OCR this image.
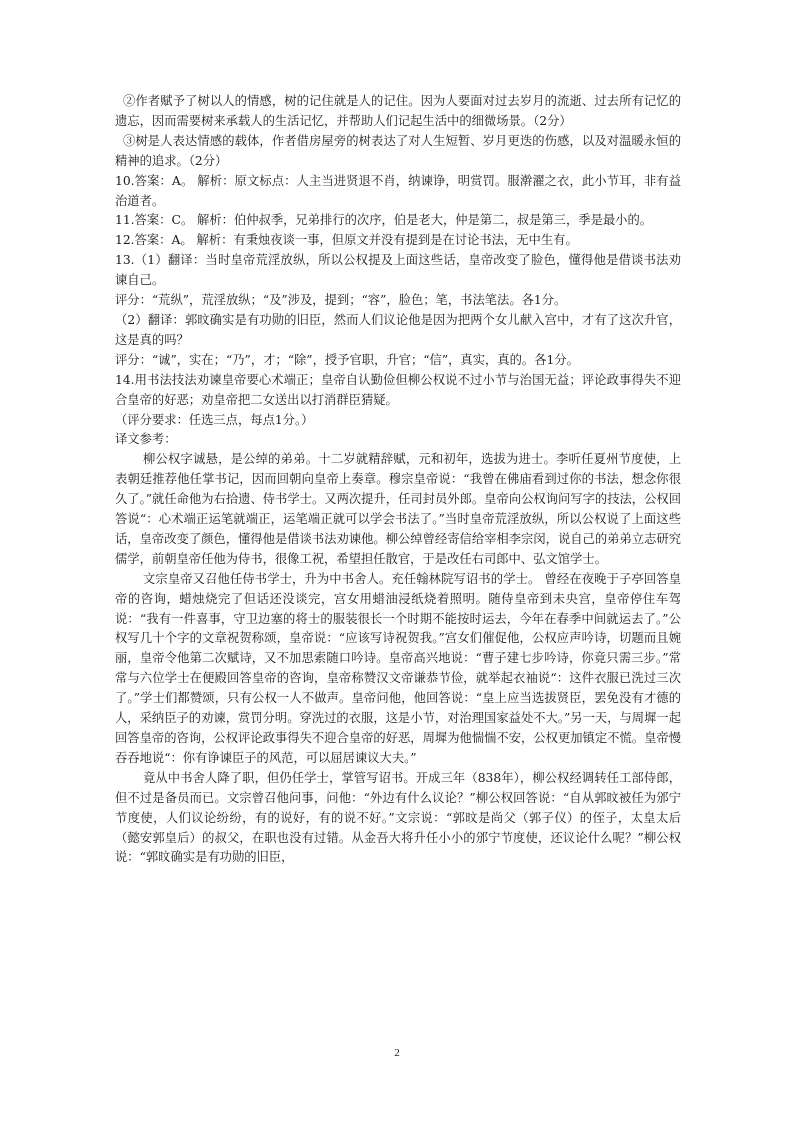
②作者赋予了树以人的情感，树的记住就是人的记住。因为人要面对过去岁月的流逝、过去所有记忆的遗忘，因而需要树来承载人的生活记忆，并帮助人们记起生活中的细微场景。（2分）

③树是人表达情感的载体，作者借房屋旁的树表达了对人生短暂、岁月更迭的伤感，以及对温暖永恒的精神的追求。（2分）

10.答案：A。 解析：原文标点：人主当进贤退不肖，纳谏诤，明赏罚。服澣濯之衣，此小节耳，非有益治道者。

11.答案：C。 解析：伯仲叔季，兄弟排行的次序，伯是老大，仲是第二，叔是第三，季是最小的。

12.答案：A。 解析：有秉烛夜谈一事，但原文并没有提到是在讨论书法，无中生有。

13.（1）翻译：当时皇帝荒淫放纵，所以公权提及上面这些话，皇帝改变了脸色，懂得他是借谈书法劝谏自己。

评分：“荒纵”，荒淫放纵；“及”涉及，提到；“容”，脸色；笔，书法笔法。各1分。

（2）翻译：郭旼确实是有功勋的旧臣，然而人们议论他是因为把两个女儿献入宫中，才有了这次升官，这是真的吗？

评分：“诚”，实在；“乃”，才；“除”，授予官职，升官；“信”，真实，真的。各1分。

14.用书法技法劝谏皇帝要心术端正；皇帝自认勤俭但柳公权说不过小节与治国无益；评论政事得失不迎合皇帝的好恶；劝皇帝把二女送出以打消群臣猜疑。

（评分要求：任选三点，每点1分。）

译文参考：

柳公权字诚悬，是公绰的弟弟。十二岁就精辞赋，元和初年，选拔为进士。李听任夏州节度使，上表朝廷推荐他任掌书记，因而回朝向皇帝上奏章。穆宗皇帝说：“我曾在佛庙看到过你的书法，想念你很久了。”就任命他为右拾遗、侍书学士。又两次提升，任司封员外郎。皇帝向公权询问写字的技法，公权回答说“：心术端正运笔就端正，运笔端正就可以学会书法了。”当时皇帝荒淫放纵，所以公权说了上面这些话，皇帝改变了颜色，懂得他是借谈书法劝谏他。柳公绰曾经寄信给宰相李宗闵，说自己的弟弟立志研究儒学，前朝皇帝任他为侍书，很像工祝，希望担任散官，于是改任右司郎中、弘文馆学士。

文宗皇帝又召他任侍书学士，升为中书舍人。充任翰林院写诏书的学士。 曾经在夜晚于子亭回答皇帝的咨询，蜡烛烧完了但话还没谈完，宫女用蜡油浸纸烧着照明。随侍皇帝到未央宫，皇帝停住车驾说：“我有一件喜事，守卫边塞的将士的服装很长一个时期不能按时运去，今年在春季中间就运去了。”公权写几十个字的文章祝贺称颂，皇帝说：“应该写诗祝贺我。”宫女们催促他，公权应声吟诗，切题而且婉丽，皇帝令他第二次赋诗，又不加思索随口吟诗。皇帝高兴地说：“曹子建七步吟诗，你竟只需三步。”常常与六位学士在便殿回答皇帝的咨询，皇帝称赞汉文帝谦恭节俭，就举起衣袖说“：这件衣服已洗过三次了。”学士们都赞颂，只有公权一人不做声。皇帝问他，他回答说：“皇上应当选拔贤臣，罢免没有才德的人，采纳臣子的劝谏，赏罚分明。穿洗过的衣服，这是小节，对治理国家益处不大。”另一天，与周墀一起回答皇帝的咨询，公权评论政事得失不迎合皇帝的好恶，周墀为他惴惴不安，公权更加镇定不慌。皇帝慢吞吞地说“：你有诤谏臣子的风范，可以屈居谏议大夫。”

竟从中书舍人降了职，但仍任学士，掌管写诏书。开成三年（838年），柳公权经调转任工部侍郎，但不过是备员而已。文宗曾召他问事，问他：“外边有什么议论？”柳公权回答说：“自从郭旼被任为邠宁节度使，人们议论纷纷，有的说好，有的说不好。”文宗说：“郭旼是尚父（郭子仪）的侄子，太皇太后（懿安郭皇后）的叔父，在职也没有过错。从金吾大将升任小小的邠宁节度使，还议论什么呢？”柳公权说：“郭旼确实是有功勋的旧臣，

2
